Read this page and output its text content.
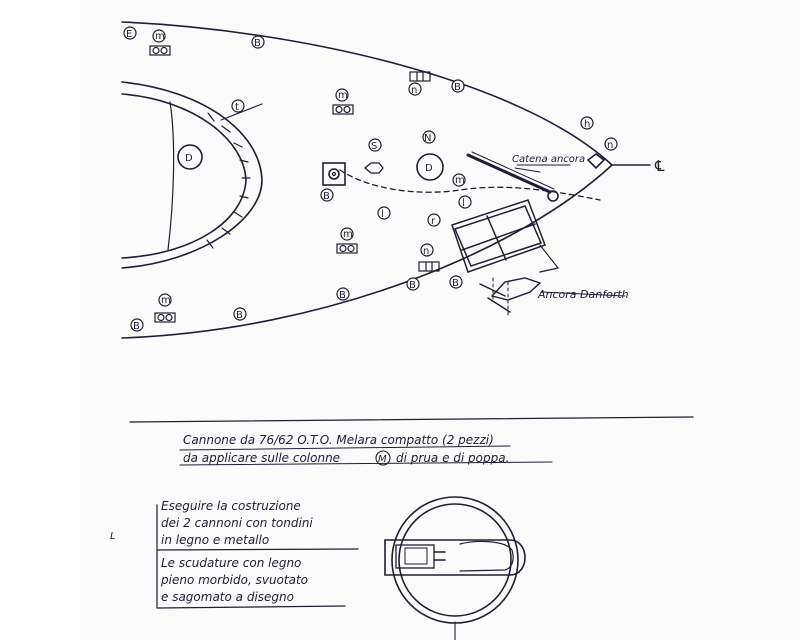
E m
B
n	B
m
t
S
N
D
D
m
B
l
l
m
r
n
B
B
B
m
B
B
h
n
℄
Catena ancora
Ancora Danforth
Cannone da 76/62 O.T.O. Melara compatto (2 pezzi)
da applicare sulle colonne	M di prua e di poppa.
Eseguire la costruzione
dei 2 cannoni con tondini
in legno e metallo
Le scudature con legno
pieno morbido, svuotato
e sagomato a disegno
L
